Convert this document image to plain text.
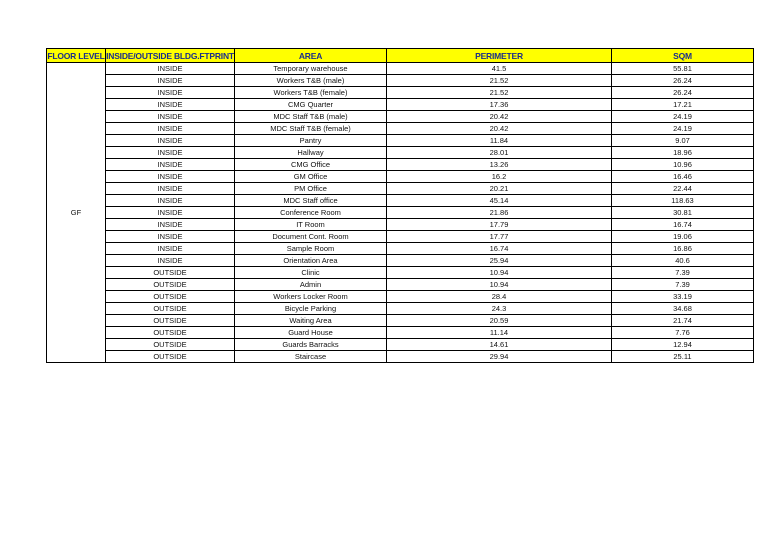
FLOOR LEVEL	INSIDE/OUTSIDE BLDG.FTPRINT	AREA	PERIMETER	SQM
GF	INSIDE	Temporary warehouse	41.5	55.81
	INSIDE	Workers T&B (male)	21.52	26.24
	INSIDE	Workers T&B (female)	21.52	26.24
	INSIDE	CMG Quarter	17.36	17.21
	INSIDE	MDC Staff T&B (male)	20.42	24.19
	INSIDE	MDC Staff T&B (female)	20.42	24.19
	INSIDE	Pantry	11.84	9.07
	INSIDE	Hallway	28.01	18.96
	INSIDE	CMG Office	13.26	10.96
	INSIDE	GM Office	16.2	16.46
	INSIDE	PM Office	20.21	22.44
	INSIDE	MDC Staff office	45.14	118.63
	INSIDE	Conference Room	21.86	30.81
	INSIDE	IT Room	17.79	16.74
	INSIDE	Document Cont. Room	17.77	19.06
	INSIDE	Sample Room	16.74	16.86
	INSIDE	Orientation Area	25.94	40.6
	OUTSIDE	Clinic	10.94	7.39
	OUTSIDE	Admin	10.94	7.39
	OUTSIDE	Workers Locker Room	28.4	33.19
	OUTSIDE	Bicycle Parking	24.3	34.68
	OUTSIDE	Waiting Area	20.59	21.74
	OUTSIDE	Guard House	11.14	7.76
	OUTSIDE	Guards Barracks	14.61	12.94
	OUTSIDE	Staircase	29.94	25.11
